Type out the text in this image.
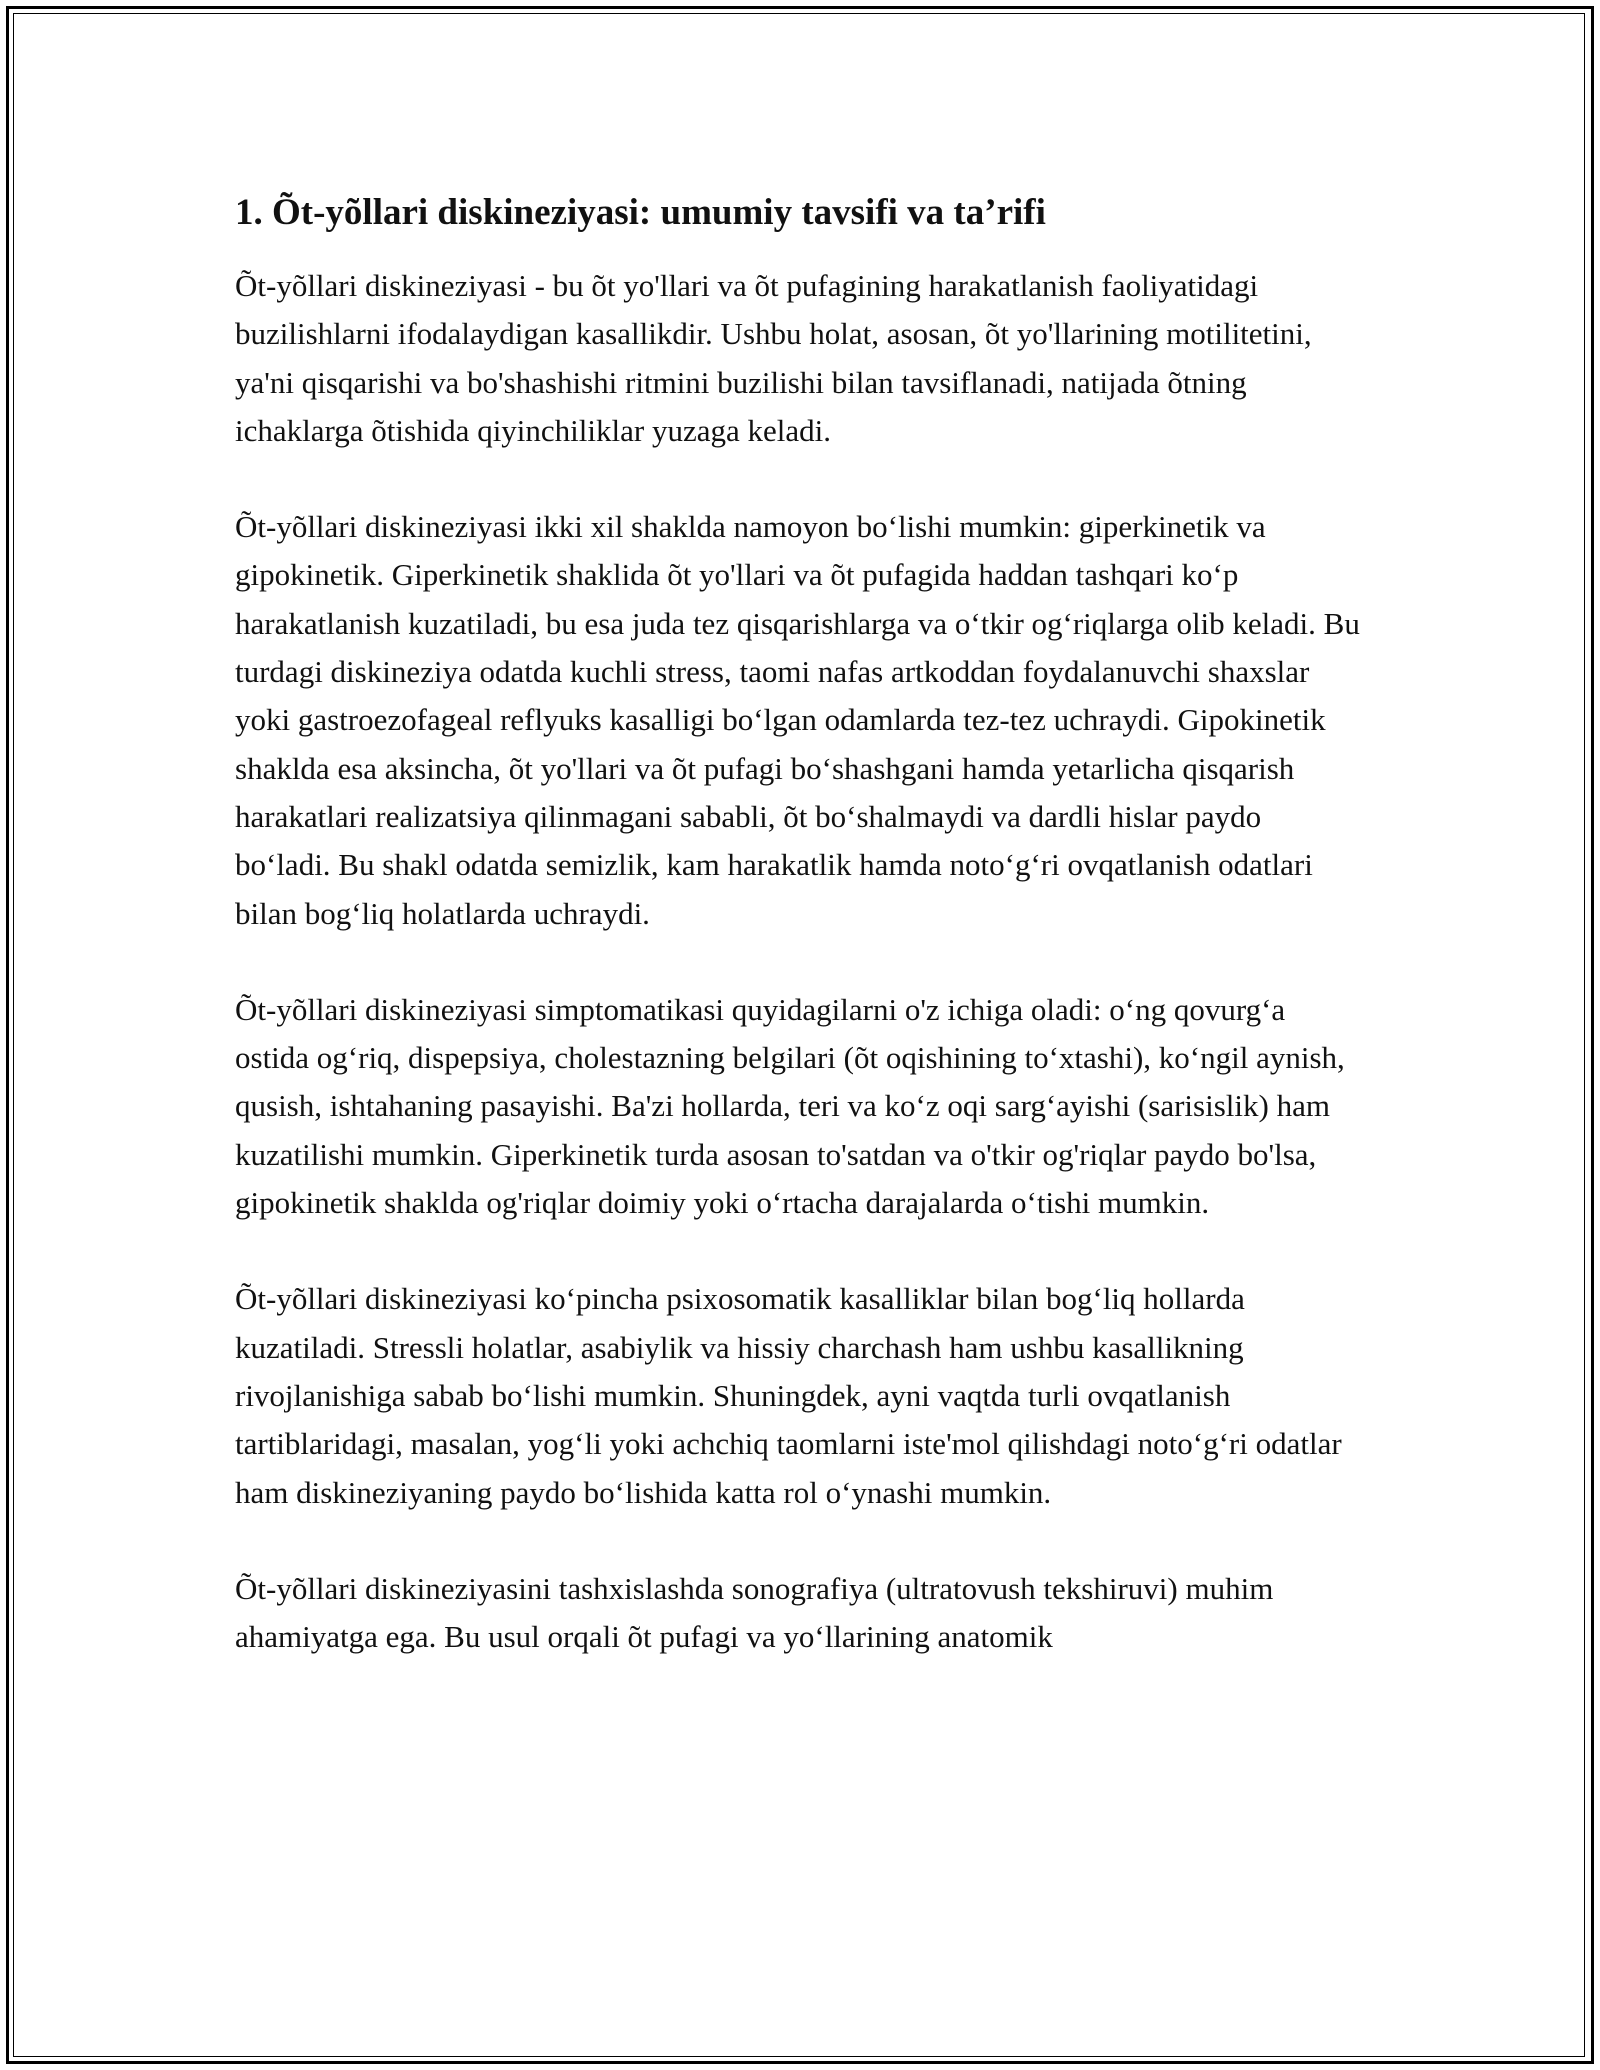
1. Õt-yõllari diskineziyasi: umumiy tavsifi va ta’rifi

Õt-yõllari diskineziyasi - bu õt yo'llari va õt pufagining harakatlanish faoliyatidagi buzilishlarni ifodalaydigan kasallikdir. Ushbu holat, asosan, õt yo'llarining motilitetini, ya'ni qisqarishi va bo'shashishi ritmini buzilishi bilan tavsiflanadi, natijada õtning ichaklarga õtishida qiyinchiliklar yuzaga keladi.

Õt-yõllari diskineziyasi ikki xil shaklda namoyon bo‘lishi mumkin: giperkinetik va gipokinetik. Giperkinetik shaklida õt yo'llari va õt pufagida haddan tashqari ko‘p harakatlanish kuzatiladi, bu esa juda tez qisqarishlarga va o‘tkir og‘riqlarga olib keladi. Bu turdagi diskineziya odatda kuchli stress, taomi nafas artkoddan foydalanuvchi shaxslar yoki gastroezofageal reflyuks kasalligi bo‘lgan odamlarda tez-tez uchraydi. Gipokinetik shaklda esa aksincha, õt yo'llari va õt pufagi bo‘shashgani hamda yetarlicha qisqarish harakatlari realizatsiya qilinmagani sababli, õt bo‘shalmaydi va dardli hislar paydo bo‘ladi. Bu shakl odatda semizlik, kam harakatlik hamda noto‘g‘ri ovqatlanish odatlari bilan bog‘liq holatlarda uchraydi.

Õt-yõllari diskineziyasi simptomatikasi quyidagilarni o'z ichiga oladi: o‘ng qovurg‘a ostida og‘riq, dispepsiya, cholestazning belgilari (õt oqishining to‘xtashi), ko‘ngil aynish, qusish, ishtahaning pasayishi. Ba'zi hollarda, teri va ko‘z oqi sarg‘ayishi (sarisislik) ham kuzatilishi mumkin. Giperkinetik turda asosan to'satdan va o'tkir og'riqlar paydo bo'lsa, gipokinetik shaklda og'riqlar doimiy yoki o‘rtacha darajalarda o‘tishi mumkin.

Õt-yõllari diskineziyasi ko‘pincha psixosomatik kasalliklar bilan bog‘liq hollarda kuzatiladi. Stressli holatlar, asabiylik va hissiy charchash ham ushbu kasallikning rivojlanishiga sabab bo‘lishi mumkin. Shuningdek, ayni vaqtda turli ovqatlanish tartiblaridagi, masalan, yog‘li yoki achchiq taomlarni iste'mol qilishdagi noto‘g‘ri odatlar ham diskineziyaning paydo bo‘lishida katta rol o‘ynashi mumkin.

Õt-yõllari diskineziyasini tashxislashda sonografiya (ultratovush tekshiruvi) muhim ahamiyatga ega. Bu usul orqali õt pufagi va yo‘llarining anatomik
